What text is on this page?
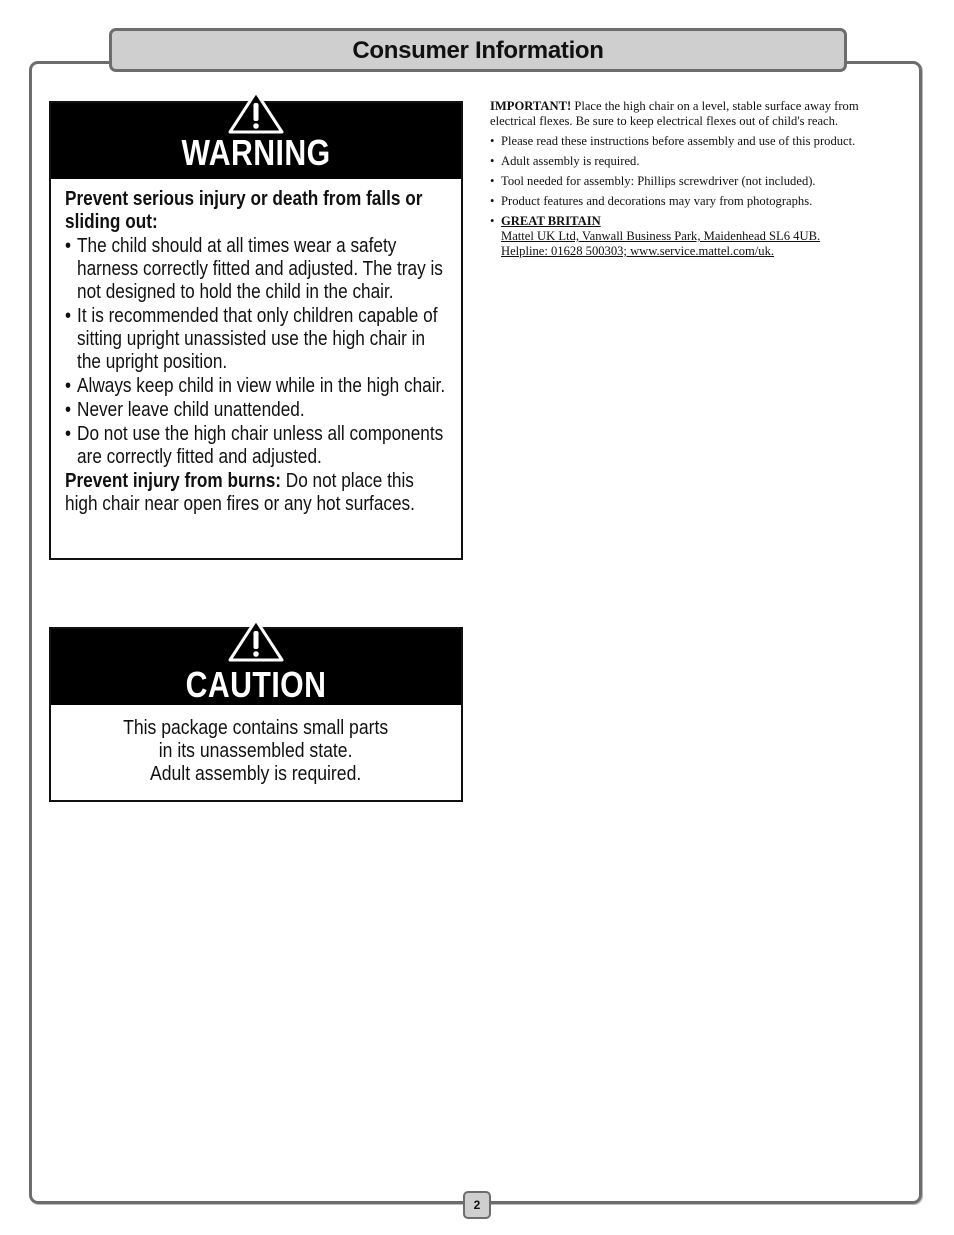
Consumer Information
WARNING

Prevent serious injury or death from falls or sliding out:

• The child should at all times wear a safety harness correctly fitted and adjusted. The tray is not designed to hold the child in the chair.
• It is recommended that only children capable of sitting upright unassisted use the high chair in the upright position.
• Always keep child in view while in the high chair.
• Never leave child unattended.
• Do not use the high chair unless all components are correctly fitted and adjusted.

Prevent injury from burns: Do not place this high chair near open fires or any hot surfaces.

CAUTION
This package contains small parts
in its unassembled state.
Adult assembly is required.

IMPORTANT! Place the high chair on a level, stable surface away from electrical flexes. Be sure to keep electrical flexes out of child's reach.

• Please read these instructions before assembly and use of this product.
• Adult assembly is required.
• Tool needed for assembly: Phillips screwdriver (not included).
• Product features and decorations may vary from photographs.
• GREAT BRITAIN
Mattel UK Ltd, Vanwall Business Park, Maidenhead SL6 4UB.
Helpline: 01628 500303; www.service.mattel.com/uk.
2
